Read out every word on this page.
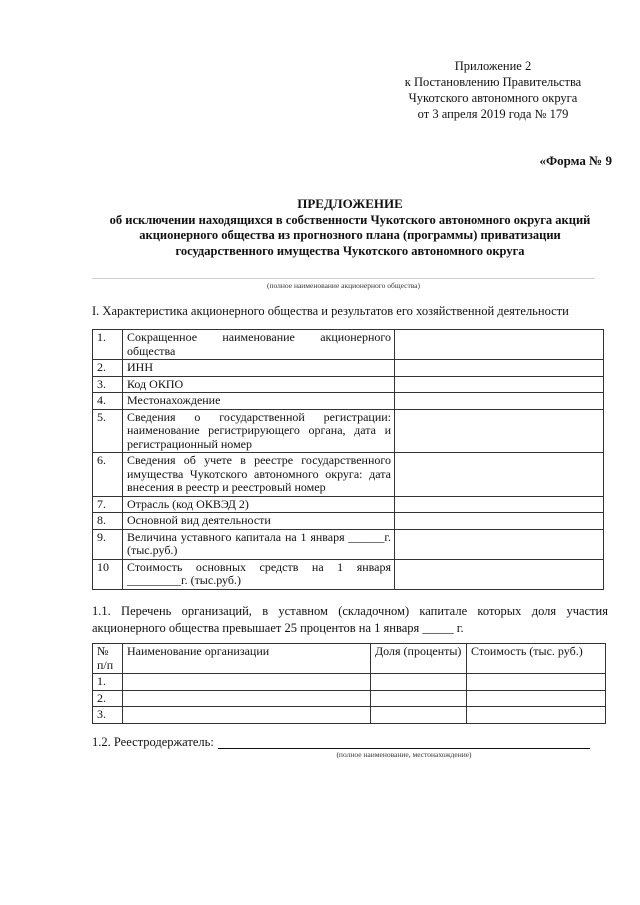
Приложение 2
к Постановлению Правительства
Чукотского автономного округа
от 3 апреля 2019 года № 179
«Форма № 9
ПРЕДЛОЖЕНИЕ
об исключении находящихся в собственности Чукотского автономного округа акций
акционерного общества из прогнозного плана (программы) приватизации
государственного имущества Чукотского автономного округа
(полное наименование акционерного общества)
I. Характеристика акционерного общества и результатов его хозяйственной деятельности
1.	Сокращенное наименование акционерного общества	
2.	ИНН	
3.	Код ОКПО	
4.	Местонахождение	
5.	Сведения о государственной регистрации: наименование регистрирующего органа, дата и регистрационный номер	
6.	Сведения об учете в реестре государственного имущества Чукотского автономного округа: дата внесения в реестр и реестровый номер	
7.	Отрасль (код ОКВЭД 2)	
8.	Основной вид деятельности	
9.	Величина уставного капитала на 1 января ______г. (тыс.руб.)	
10	Стоимость основных средств на 1 января _________г. (тыс.руб.)	
1.1. Перечень организаций, в уставном (складочном) капитале которых доля участия акционерного общества превышает 25 процентов на 1 января _____ г.
№ п/п	Наименование организации	Доля (проценты)	Стоимость (тыс. руб.)
1.			
2.			
3.			
1.2. Реестродержатель:
(полное наименование, местонахождение)
